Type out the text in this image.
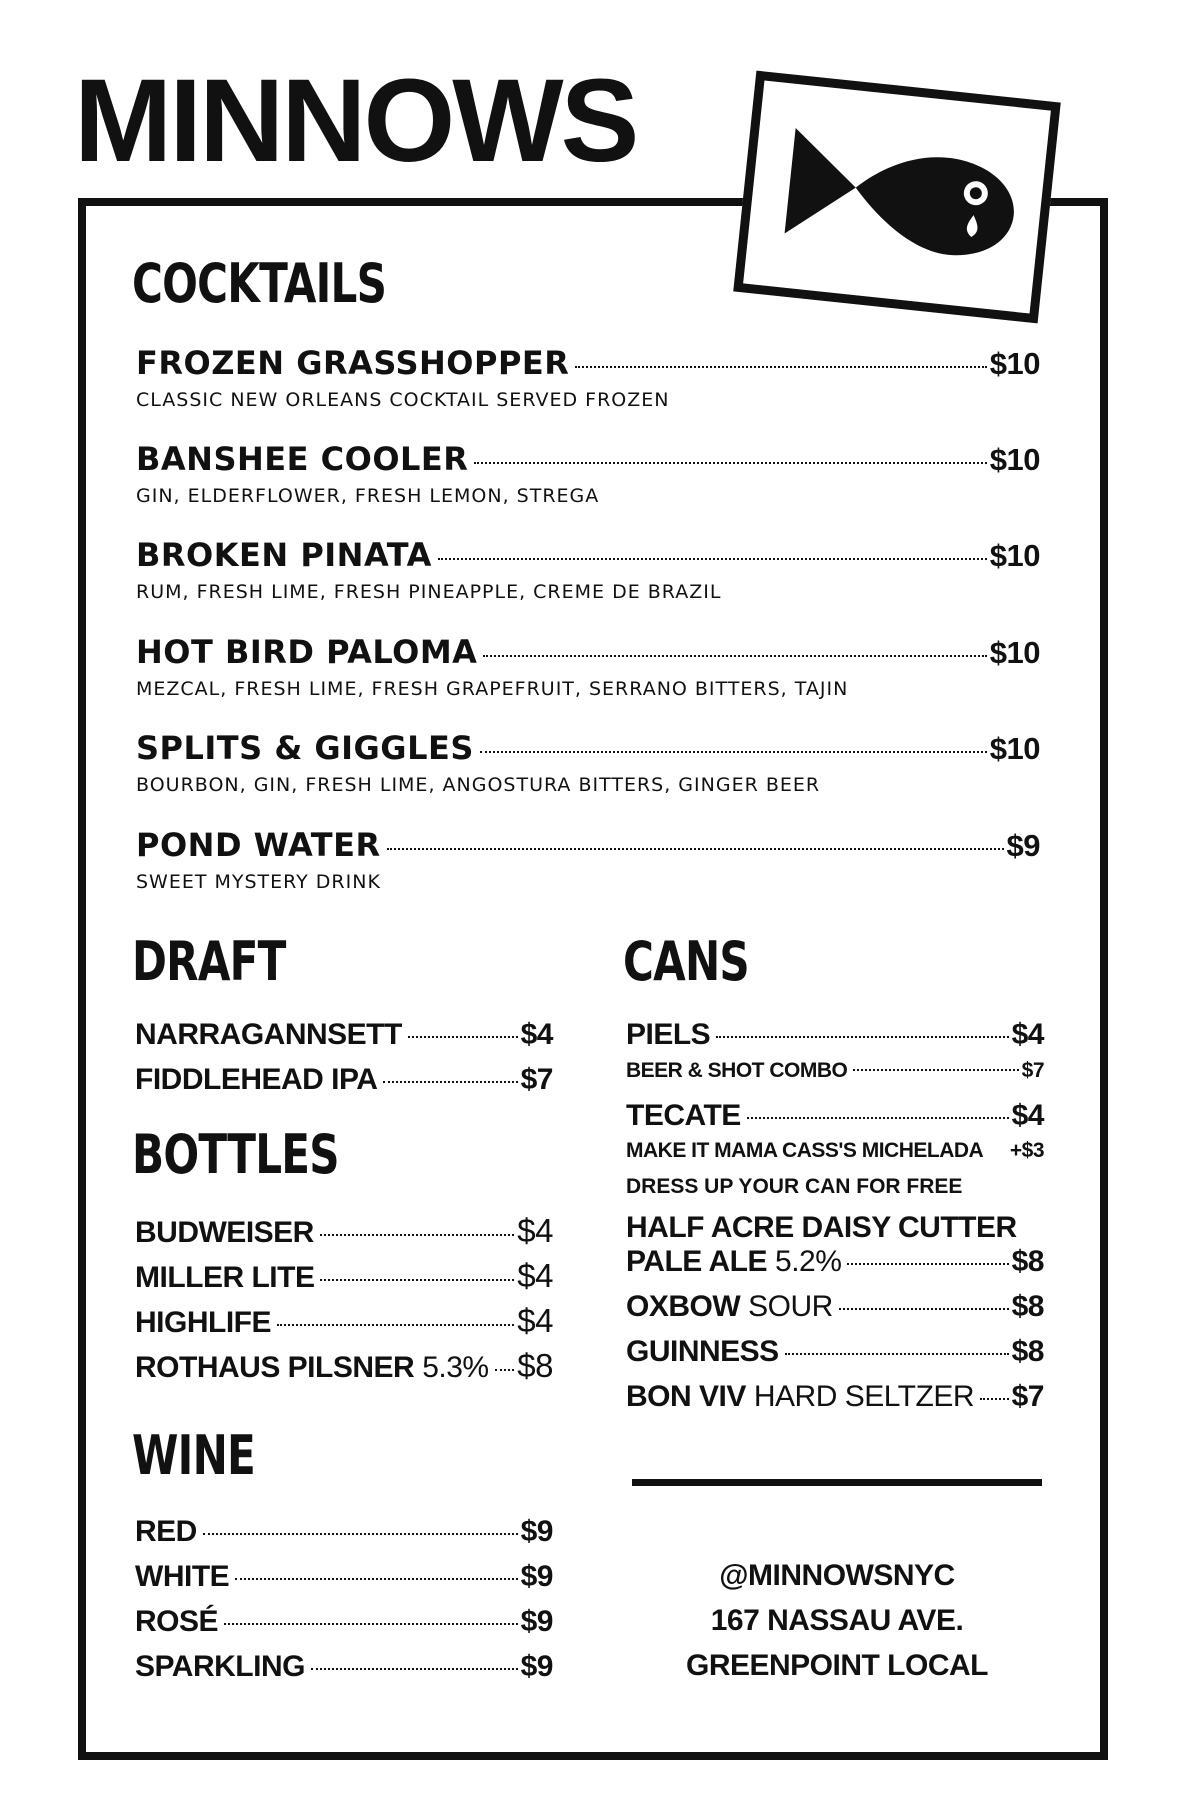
MINNOWS
COCKTAILS
FROZEN GRASSHOPPER	$10
CLASSIC NEW ORLEANS COCKTAIL SERVED FROZEN
BANSHEE COOLER	$10
GIN, ELDERFLOWER, FRESH LEMON, STREGA
BROKEN PINATA	$10
RUM, FRESH LIME, FRESH PINEAPPLE, CREME DE BRAZIL
HOT BIRD PALOMA	$10
MEZCAL, FRESH LIME, FRESH GRAPEFRUIT, SERRANO BITTERS, TAJIN
SPLITS & GIGGLES	$10
BOURBON, GIN, FRESH LIME, ANGOSTURA BITTERS, GINGER BEER
POND WATER	$9
SWEET MYSTERY DRINK
DRAFT
NARRAGANNSETT	$4
FIDDLEHEAD IPA	$7
BOTTLES
BUDWEISER	$4
MILLER LITE	$4
HIGHLIFE	$4
ROTHAUS PILSNER 5.3% $8
WINE
RED	$9
WHITE	$9
ROSÉ	$9
SPARKLING	$9
CANS
PIELS	$4
BEER & SHOT COMBO	$7
TECATE	$4
MAKE IT MAMA CASS'S MICHELADA +$3
DRESS UP YOUR CAN FOR FREE
HALF ACRE DAISY CUTTER
PALE ALE 5.2%	$8
OXBOW SOUR	$8
GUINNESS	$8
BON VIV HARD SELTZER $7
@MINNOWSNYC
167 NASSAU AVE.
GREENPOINT LOCAL
